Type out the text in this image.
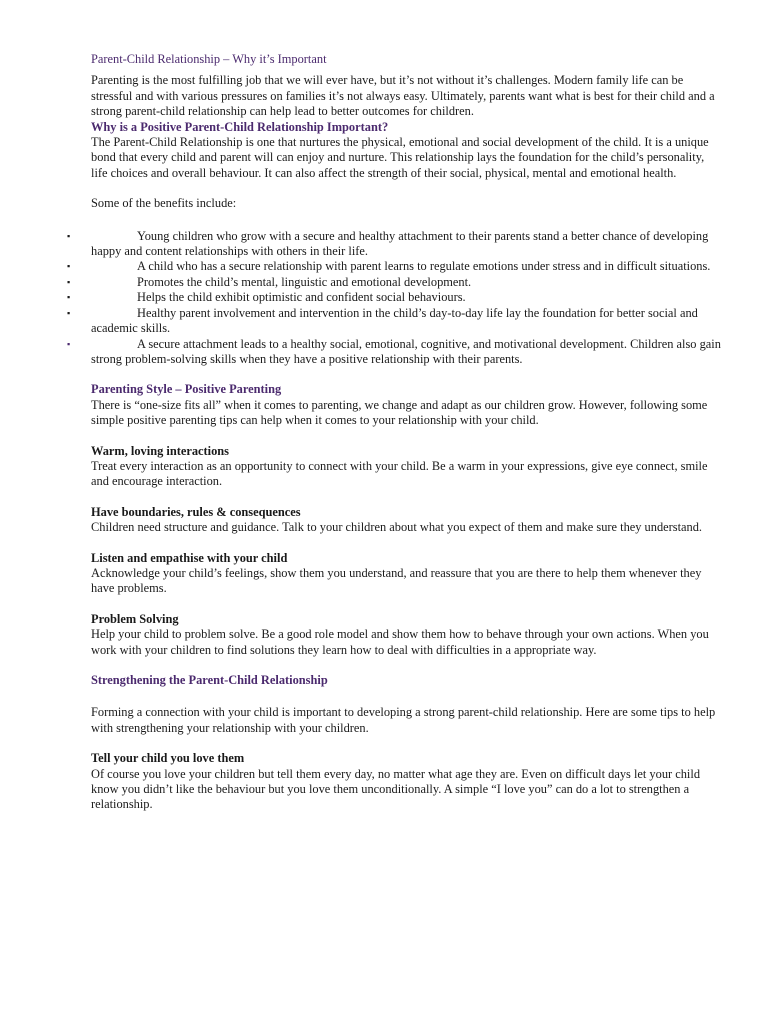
Parent-Child Relationship – Why it’s Important

Parenting is the most fulfilling job that we will ever have, but it’s not without it’s challenges. Modern family life can be stressful and with various pressures on families it’s not always easy. Ultimately, parents want what is best for their child and a strong parent-child relationship can help lead to better outcomes for children.

Why is a Positive Parent-Child Relationship Important?

The Parent-Child Relationship is one that nurtures the physical, emotional and social development of the child. It is a unique bond that every child and parent will can enjoy and nurture. This relationship lays the foundation for the child’s personality, life choices and overall behaviour. It can also affect the strength of their social, physical, mental and emotional health.

Some of the benefits include:

▪	Young children who grow with a secure and healthy attachment to their parents stand a better chance of developing happy and content relationships with others in their life.
▪	A child who has a secure relationship with parent learns to regulate emotions under stress and in difficult situations.
▪	Promotes the child’s mental, linguistic and emotional development.
▪	Helps the child exhibit optimistic and confident social behaviours.
▪	Healthy parent involvement and intervention in the child’s day-to-day life lay the foundation for better social and academic skills.
▪	A secure attachment leads to a healthy social, emotional, cognitive, and motivational development. Children also gain strong problem-solving skills when they have a positive relationship with their parents.

Parenting Style – Positive Parenting

There is “one-size fits all” when it comes to parenting, we change and adapt as our children grow. However, following some simple positive parenting tips can help when it comes to your relationship with your child.

Warm, loving interactions

Treat every interaction as an opportunity to connect with your child. Be a warm in your expressions, give eye connect, smile and encourage interaction.

Have boundaries, rules & consequences

Children need structure and guidance. Talk to your children about what you expect of them and make sure they understand.

Listen and empathise with your child

Acknowledge your child’s feelings, show them you understand, and reassure that you are there to help them whenever they have problems.

Problem Solving

Help your child to problem solve. Be a good role model and show them how to behave through your own actions. When you work with your children to find solutions they learn how to deal with difficulties in a appropriate way.

Strengthening the Parent-Child Relationship

Forming a connection with your child is important to developing a strong parent-child relationship. Here are some tips to help with strengthening your relationship with your children.

Tell your child you love them

Of course you love your children but tell them every day, no matter what age they are. Even on difficult days let your child know you didn’t like the behaviour but you love them unconditionally. A simple “I love you” can do a lot to strengthen a relationship.
